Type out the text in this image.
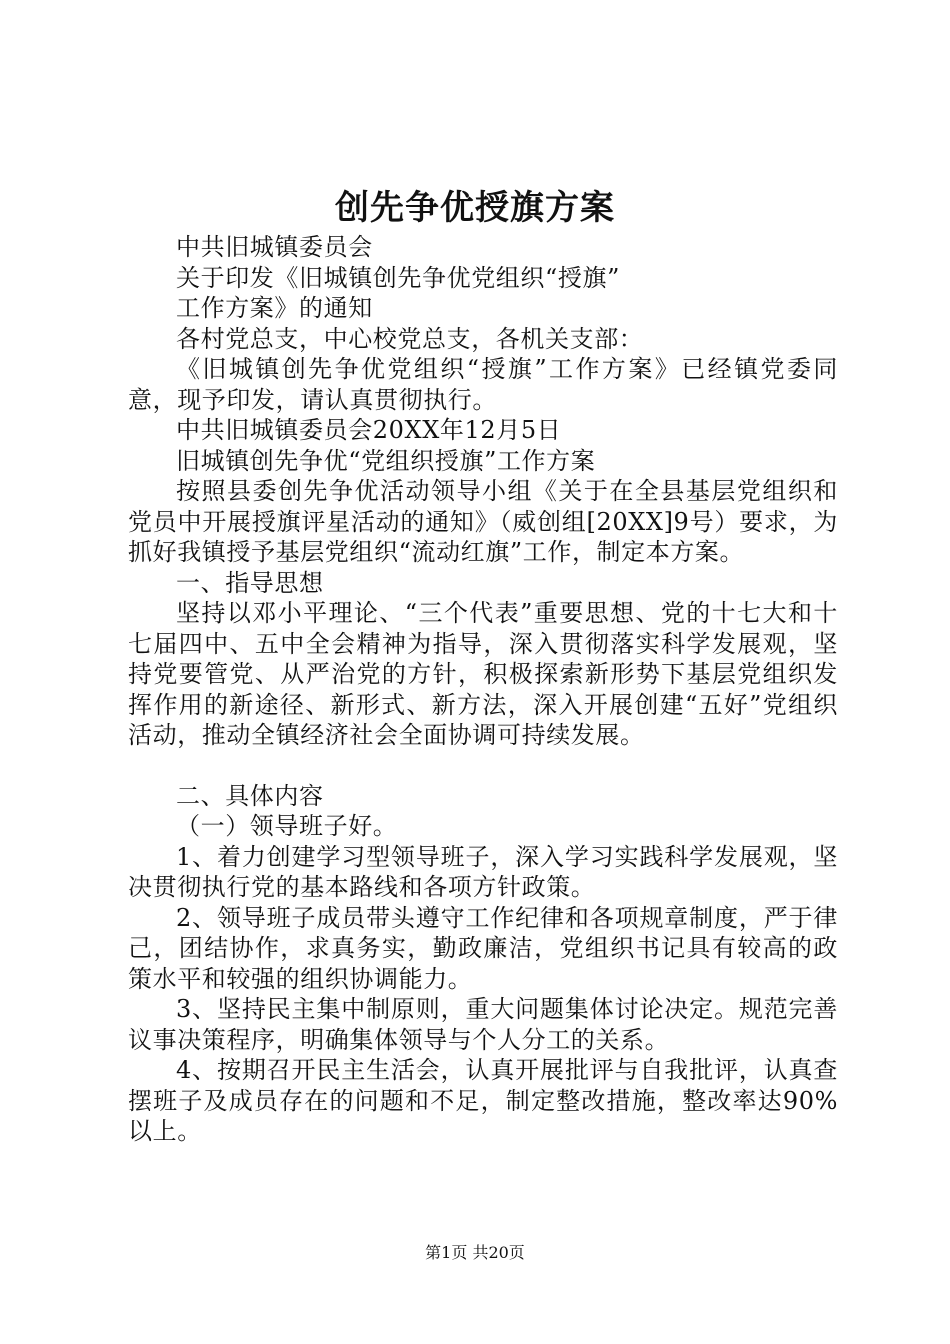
创先争优授旗方案

中共旧城镇委员会

关于印发《旧城镇创先争优党组织“授旗”

工作方案》的通知

各村党总支，中心校党总支，各机关支部：

《旧城镇创先争优党组织“授旗”工作方案》已经镇党委同意，现予印发，请认真贯彻执行。

中共旧城镇委员会20XX年12月5日

旧城镇创先争优“党组织授旗”工作方案

按照县委创先争优活动领导小组《关于在全县基层党组织和党员中开展授旗评星活动的通知》（威创组[20XX]9号）要求，为抓好我镇授予基层党组织“流动红旗”工作，制定本方案。

一、指导思想

坚持以邓小平理论、“三个代表”重要思想、党的十七大和十七届四中、五中全会精神为指导，深入贯彻落实科学发展观，坚持党要管党、从严治党的方针，积极探索新形势下基层党组织发挥作用的新途径、新形式、新方法，深入开展创建“五好”党组织活动，推动全镇经济社会全面协调可持续发展。

二、具体内容

（一）领导班子好。

1、着力创建学习型领导班子，深入学习实践科学发展观，坚决贯彻执行党的基本路线和各项方针政策。

2、领导班子成员带头遵守工作纪律和各项规章制度，严于律己，团结协作，求真务实，勤政廉洁，党组织书记具有较高的政策水平和较强的组织协调能力。

3、坚持民主集中制原则，重大问题集体讨论决定。规范完善议事决策程序，明确集体领导与个人分工的关系。

4、按期召开民主生活会，认真开展批评与自我批评，认真查摆班子及成员存在的问题和不足，制定整改措施，整改率达90%以上。

第1页 共20页
